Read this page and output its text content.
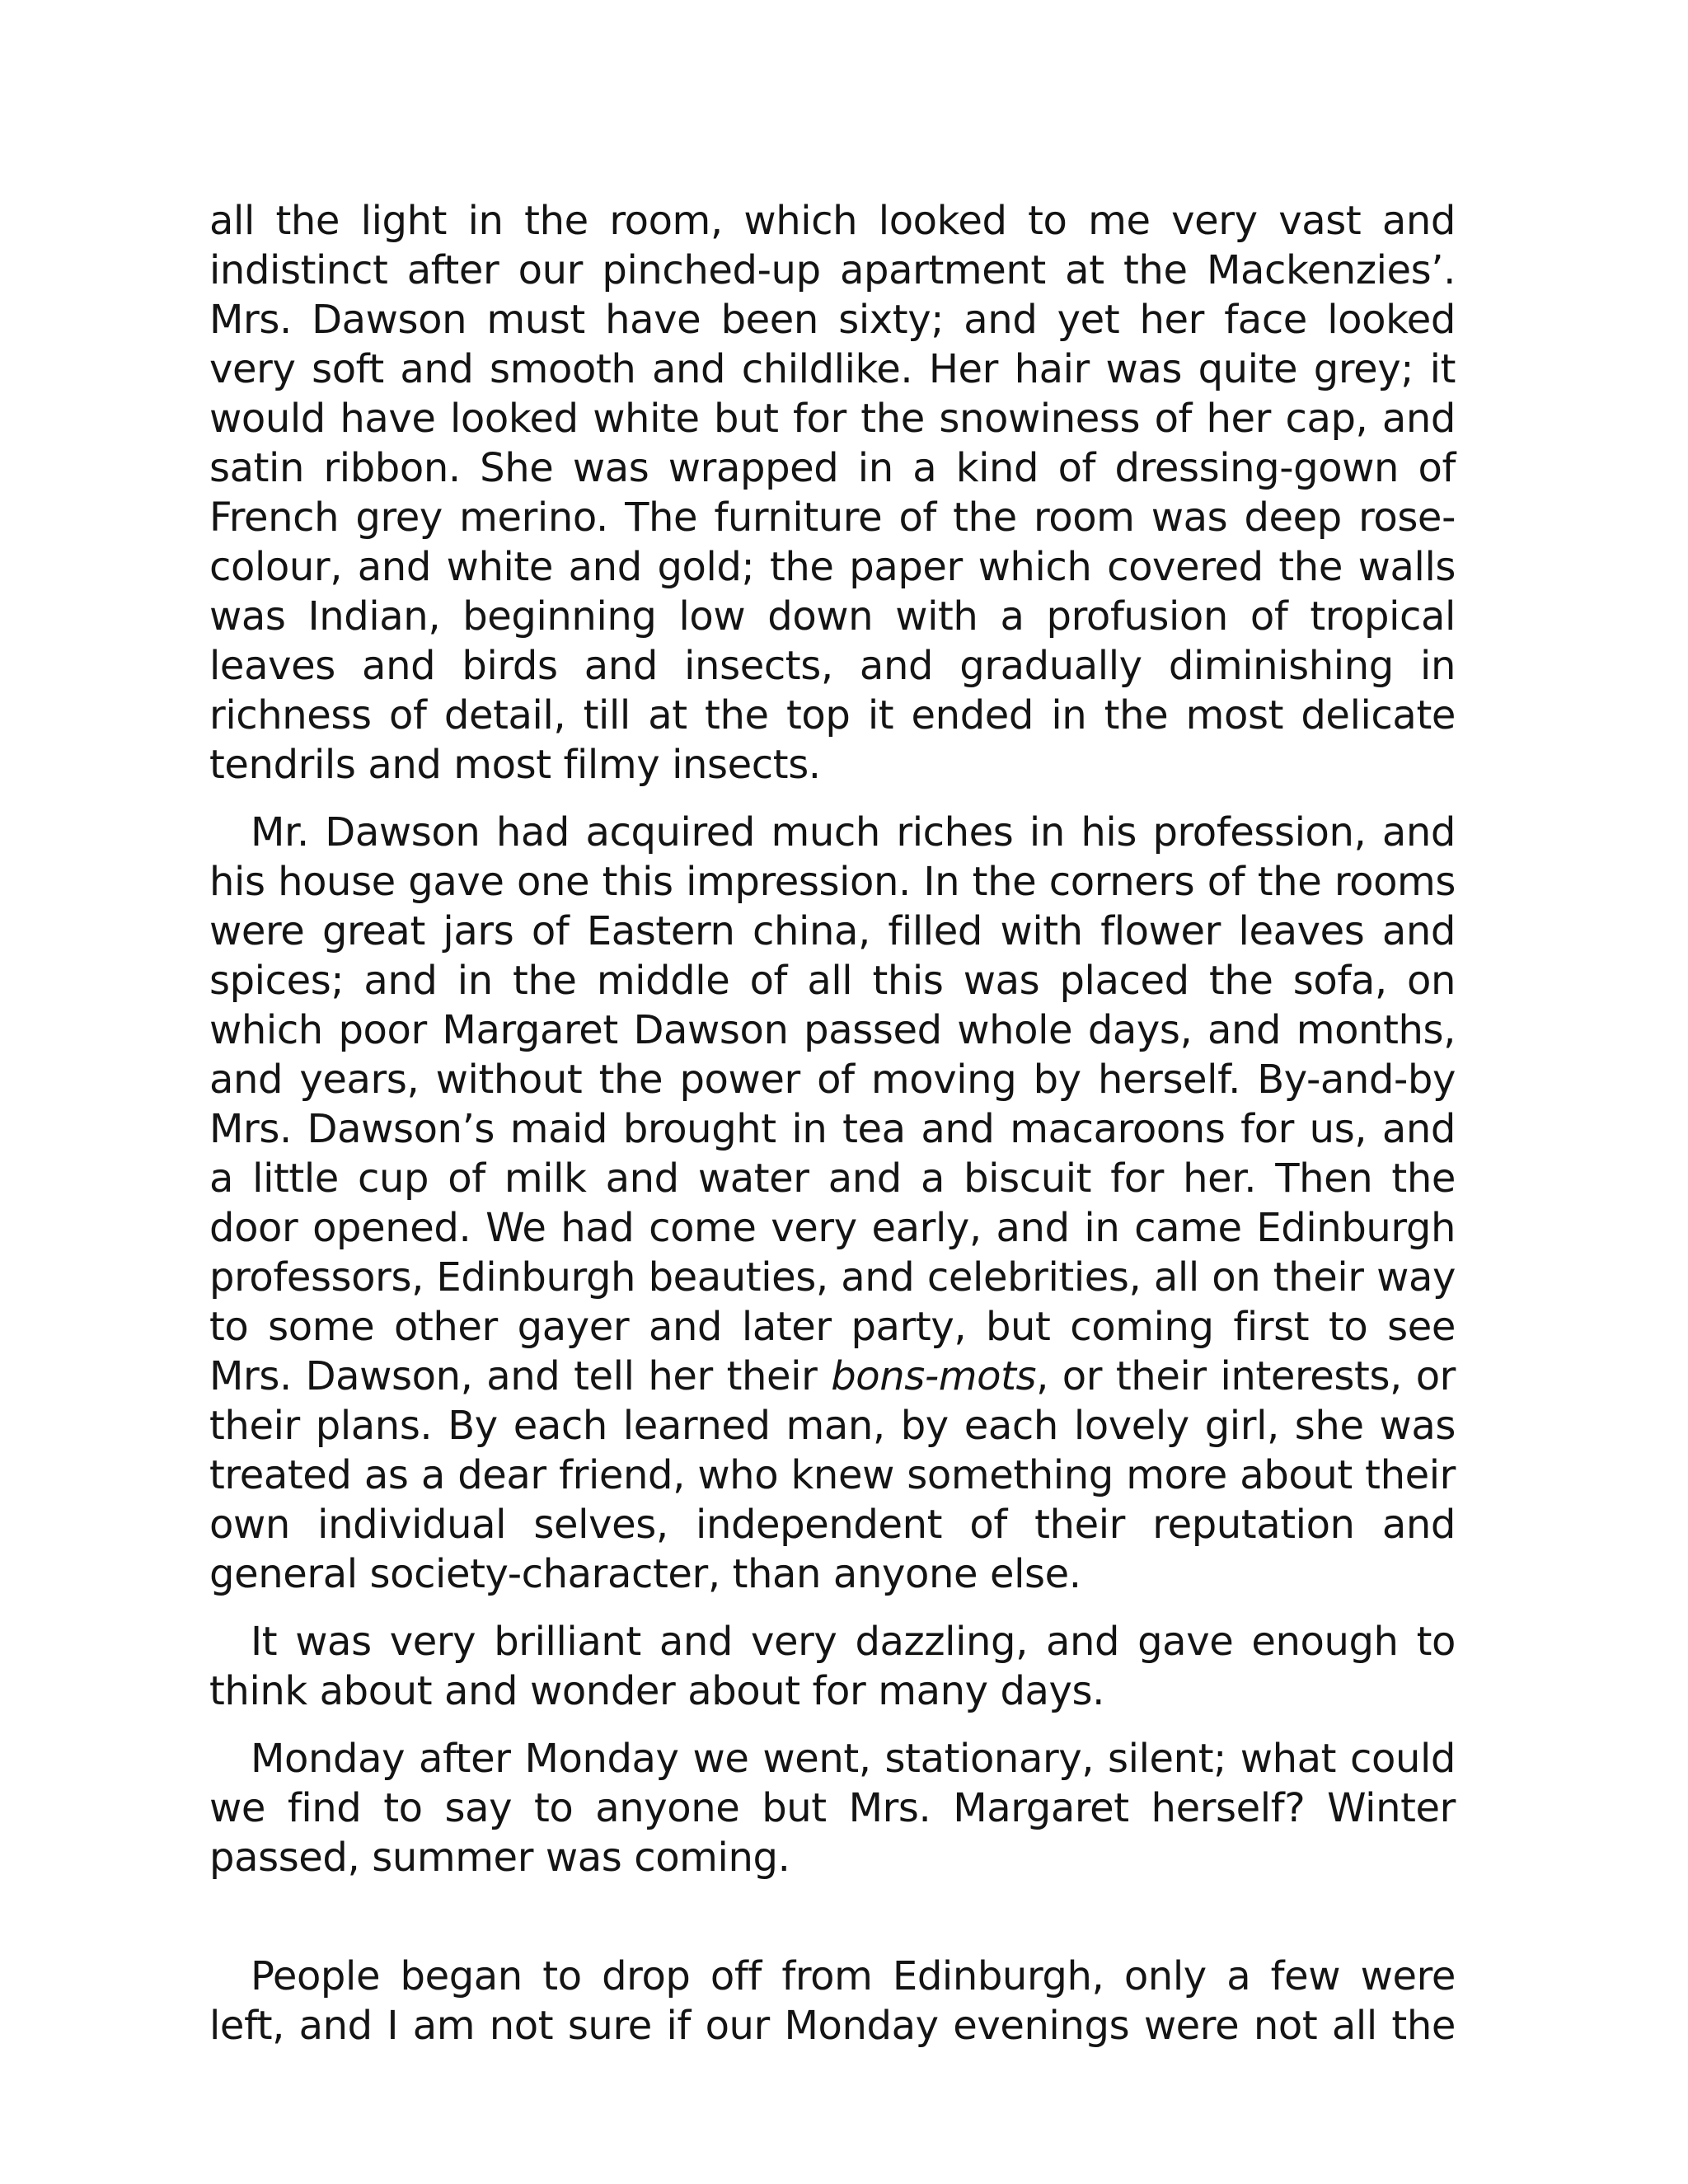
all the light in the room, which looked to me very vast and indistinct after our pinched-up apartment at the Mackenzies’. Mrs. Dawson must have been sixty; and yet her face looked very soft and smooth and childlike. Her hair was quite grey; it would have looked white but for the snowiness of her cap, and satin ribbon. She was wrapped in a kind of dressing-gown of French grey merino. The furniture of the room was deep rose-colour, and white and gold; the paper which covered the walls was Indian, beginning low down with a profusion of tropical leaves and birds and insects, and gradually diminishing in richness of detail, till at the top it ended in the most delicate tendrils and most filmy insects.

Mr. Dawson had acquired much riches in his profession, and his house gave one this impression. In the corners of the rooms were great jars of Eastern china, filled with flower leaves and spices; and in the middle of all this was placed the sofa, on which poor Margaret Dawson passed whole days, and months, and years, without the power of moving by herself. By-and-by Mrs. Dawson’s maid brought in tea and macaroons for us, and a little cup of milk and water and a biscuit for her. Then the door opened. We had come very early, and in came Edinburgh professors, Edinburgh beauties, and celebrities, all on their way to some other gayer and later party, but coming first to see Mrs. Dawson, and tell her their bons-mots, or their interests, or their plans. By each learned man, by each lovely girl, she was treated as a dear friend, who knew something more about their own individual selves, independent of their reputation and general society-character, than anyone else.

It was very brilliant and very dazzling, and gave enough to think about and wonder about for many days.

Monday after Monday we went, stationary, silent; what could we find to say to anyone but Mrs. Margaret herself? Winter passed, summer was coming.

People began to drop off from Edinburgh, only a few were left, and I am not sure if our Monday evenings were not all the
